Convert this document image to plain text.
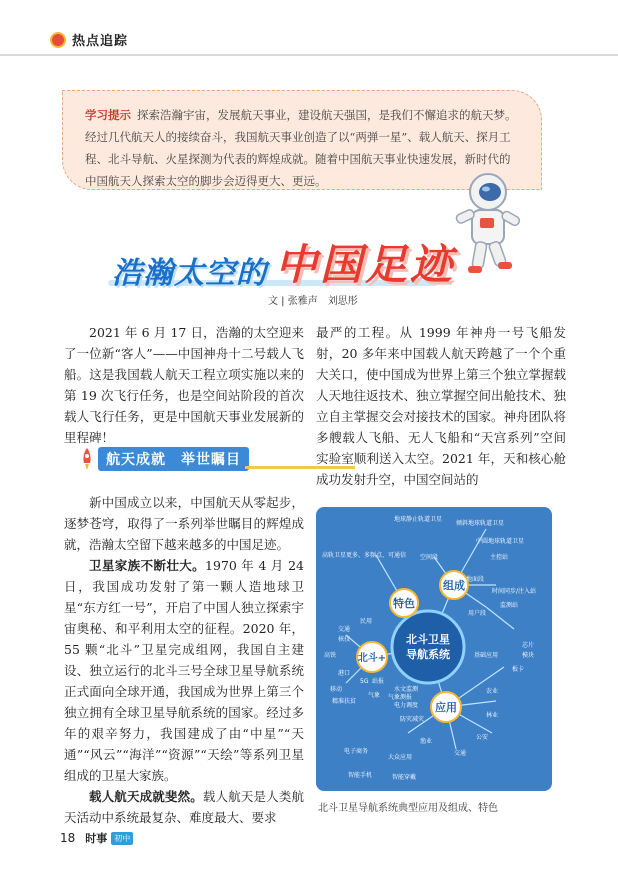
热点追踪
学习提示 探索浩瀚宇宙，发展航天事业，建设航天强国，是我们不懈追求的航天梦。经过几代航天人的接续奋斗，我国航天事业创造了以“两弹一星”、载人航天、探月工程、北斗导航、火星探测为代表的辉煌成就。随着中国航天事业快速发展，新时代的中国航天人探索太空的脚步会迈得更大、更远。
浩瀚太空的 中国足迹
文 | 张雅声　刘思彤

2021 年 6 月 17 日，浩瀚的太空迎来了一位新“客人”——中国神舟十二号载人飞船。这是我国载人航天工程立项实施以来的第 19 次飞行任务，也是空间站阶段的首次载人飞行任务，更是中国航天事业发展新的里程碑！

航天成就　举世瞩目

新中国成立以来，中国航天从零起步，逐梦苍穹，取得了一系列举世瞩目的辉煌成就，浩瀚太空留下越来越多的中国足迹。

卫星家族不断壮大。1970 年 4 月 24 日，我国成功发射了第一颗人造地球卫星“东方红一号”，开启了中国人独立探索宇宙奥秘、和平利用太空的征程。2020 年，55 颗“北斗”卫星完成组网，我国自主建设、独立运行的北斗三号全球卫星导航系统正式面向全球开通，我国成为世界上第三个独立拥有全球卫星导航系统的国家。经过多年的艰辛努力，我国建成了由“中星”“天通”“风云”“海洋”“资源”“天绘”等系列卫星组成的卫星大家族。

载人航天成就斐然。载人航天是人类航天活动中系统最复杂、难度最大、要求

最严的工程。从 1999 年神舟一号飞船发射，20 多年来中国载人航天跨越了一个个重大关口，使中国成为世界上第三个独立掌握载人天地往返技术、独立掌握空间出舱技术、独立自主掌握交会对接技术的国家。神舟团队将多艘载人飞船、无人飞船和“天宫系列”空间实验室顺利送入太空。2021 年，天和核心舱成功发射升空，中国空间站的

北斗卫星
导航系统
特色
组成
北斗+
应用
高轨卫星更多、多频点、可通信
地球静止轨道卫星
倾斜地球轨道卫星
中圆地球轨道卫星
主控站
时间同步/注入站
监测站
空间段
地面段
用户段
交通
民用
核技
高铁
港口
5G 站报
移动
精准扶贫
气象
水文监测
电力调度
气象测报
防灾减灾
基础应用
农业
林业
公安
交通
渔业
大众应用
电子商务
智能手机	智能穿戴
芯片
模块
板卡
北斗卫星导航系统典型应用及组成、特色
18 时事 初中
